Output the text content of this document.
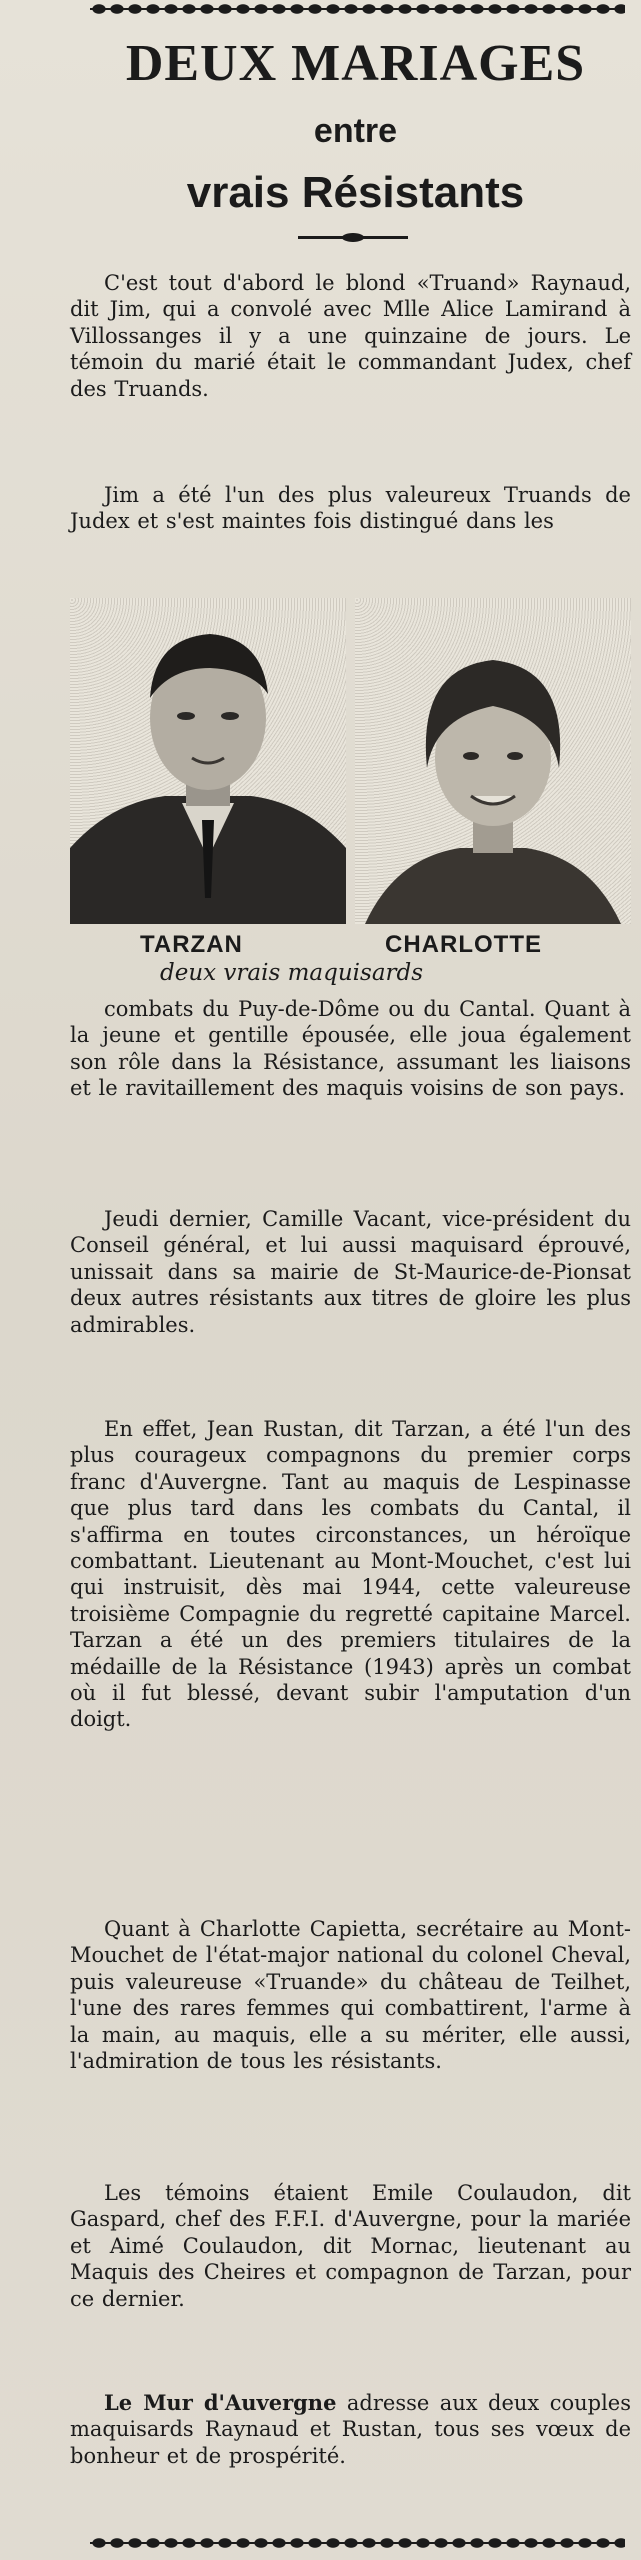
DEUX MARIAGES
entre
vrais Résistants

C'est tout d'abord le blond «Truand» Raynaud, dit Jim, qui a convolé avec Mlle Alice Lamirand à Villossanges il y a une quinzaine de jours. Le témoin du marié était le commandant Judex, chef des Truands.

Jim a été l'un des plus valeureux Truands de Judex et s'est maintes fois distingué dans les

TARZAN	CHARLOTTE
deux vrais maquisards

combats du Puy-de-Dôme ou du Cantal. Quant à la jeune et gentille épousée, elle joua également son rôle dans la Résistance, assumant les liaisons et le ravitaillement des maquis voisins de son pays.

Jeudi dernier, Camille Vacant, vice-président du Conseil général, et lui aussi maquisard éprouvé, unissait dans sa mairie de St-Maurice-de-Pionsat deux autres résistants aux titres de gloire les plus admirables.

En effet, Jean Rustan, dit Tarzan, a été l'un des plus courageux compagnons du premier corps franc d'Auvergne. Tant au maquis de Lespinasse que plus tard dans les combats du Cantal, il s'affirma en toutes circonstances, un héroïque combattant. Lieutenant au Mont-Mouchet, c'est lui qui instruisit, dès mai 1944, cette valeureuse troisième Compagnie du regretté capitaine Marcel. Tarzan a été un des premiers titulaires de la médaille de la Résistance (1943) après un combat où il fut blessé, devant subir l'amputation d'un doigt.

Quant à Charlotte Capietta, secrétaire au Mont-Mouchet de l'état-major national du colonel Cheval, puis valeureuse «Truande» du château de Teilhet, l'une des rares femmes qui combattirent, l'arme à la main, au maquis, elle a su mériter, elle aussi, l'admiration de tous les résistants.

Les témoins étaient Emile Coulaudon, dit Gaspard, chef des F.F.I. d'Auvergne, pour la mariée et Aimé Coulaudon, dit Mornac, lieutenant au Maquis des Cheires et compagnon de Tarzan, pour ce dernier.

Le Mur d'Auvergne adresse aux deux couples maquisards Raynaud et Rustan, tous ses vœux de bonheur et de prospérité.
